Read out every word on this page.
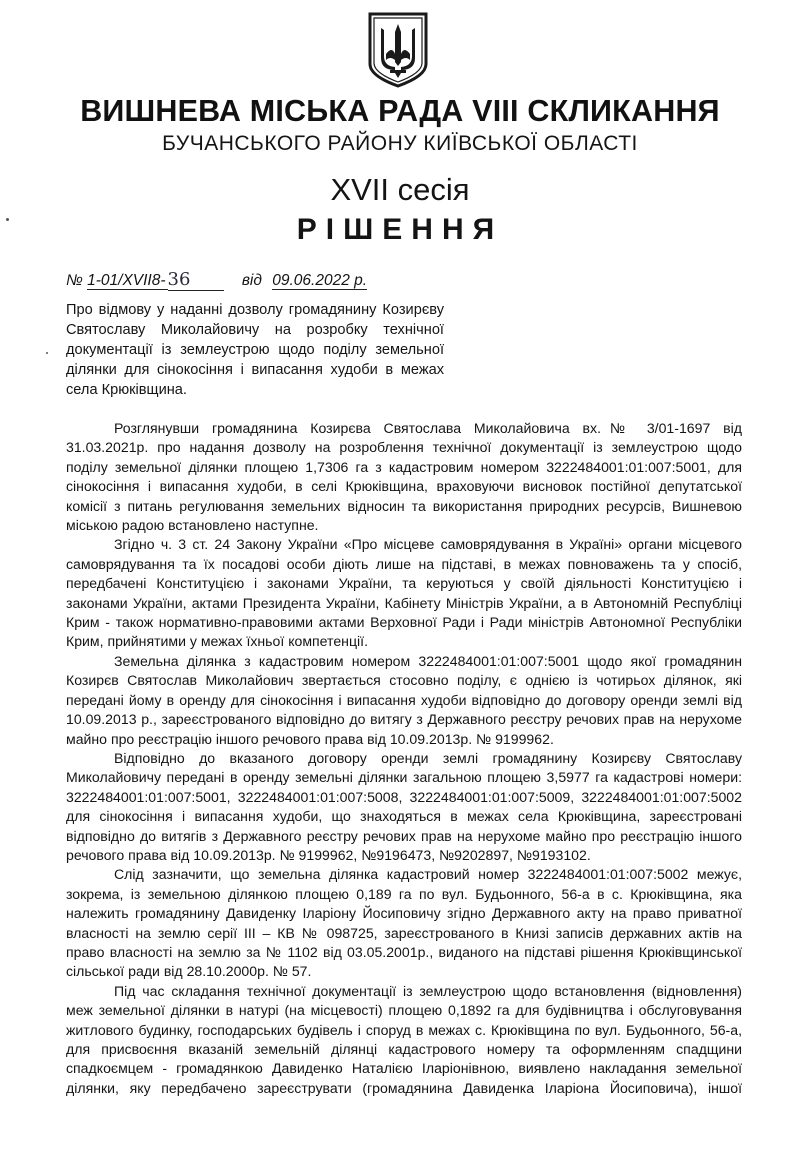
ВИШНЕВА МІСЬКА РАДА VIII СКЛИКАННЯ
БУЧАНСЬКОГО РАЙОНУ КИЇВСЬКОЇ ОБЛАСТІ
XVII сесія
РІШЕННЯ
№ 1-01/XVII8- 36	від 09.06.2022 р.
Про відмову у наданні дозволу громадянину Козирєву
Святославу Миколайовичу на розробку технічної
документації із землеустрою щодо поділу земельної
ділянки для сінокосіння і випасання худоби в межах
села Крюківщина.
Розглянувши громадянина Козирєва Святослава Миколайовича вх.№ 3/01-1697 від
31.03.2021р. про надання дозволу на розроблення технічної документації із землеустрою щодо
поділу земельної ділянки площею 1,7306 га з кадастровим номером 3222484001:01:007:5001, для
сінокосіння і випасання худоби, в селі Крюківщина, враховуючи висновок постійної депутатської
комісії з питань регулювання земельних відносин та використання природних ресурсів, Вишневою
міською радою встановлено наступне.
Згідно ч. 3 ст. 24 Закону України «Про місцеве самоврядування в Україні» органи місцевого
самоврядування та їх посадові особи діють лише на підставі, в межах повноважень та у спосіб,
передбачені Конституцією і законами України, та керуються у своїй діяльності Конституцією і
законами України, актами Президента України, Кабінету Міністрів України, а в Автономній Республіці
Крим - також нормативно-правовими актами Верховної Ради і Ради міністрів Автономної Республіки
Крим, прийнятими у межах їхньої компетенції.
Земельна ділянка з кадастровим номером 3222484001:01:007:5001 щодо якої громадянин
Козирєв Святослав Миколайович звертається стосовно поділу, є однією із чотирьох ділянок, які
передані йому в оренду для сінокосіння і випасання худоби відповідно до договору оренди землі від
10.09.2013 р., зареєстрованого відповідно до витягу з Державного реєстру речових прав на нерухоме
майно про реєстрацію іншого речового права від 10.09.2013р. № 9199962.
Відповідно до вказаного договору оренди землі громадянину Козирєву Святославу
Миколайовичу передані в оренду земельні ділянки загальною площею 3,5977 га кадастрові номери:
3222484001:01:007:5001, 3222484001:01:007:5008, 3222484001:01:007:5009, 3222484001:01:007:5002
для сінокосіння і випасання худоби, що знаходяться в межах села Крюківщина, зареєстровані
відповідно до витягів з Державного реєстру речових прав на нерухоме майно про реєстрацію іншого
речового права від 10.09.2013р. № 9199962, №9196473, №9202897, №9193102.
Слід зазначити, що земельна ділянка кадастровий номер 3222484001:01:007:5002 межує,
зокрема, із земельною ділянкою площею 0,189 га по вул. Будьонного, 56-а в с. Крюківщина, яка
належить громадянину Давиденку Іларіону Йосиповичу згідно Державного акту на право приватної
власності на землю серії ІІІ – КВ № 098725, зареєстрованого в Книзі записів державних актів на
право власності на землю за № 1102 від 03.05.2001р., виданого на підставі рішення Крюківщинської
сільської ради від 28.10.2000р. № 57.
Під час складання технічної документації із землеустрою щодо встановлення (відновлення)
меж земельної ділянки в натурі (на місцевості) площею 0,1892 га для будівництва і обслуговування
житлового будинку, господарських будівель і споруд в межах с. Крюківщина по вул. Будьонного, 56-а,
для присвоєння вказаній земельній ділянці кадастрового номеру та оформленням спадщини
спадкоємцем - громадянкою Давиденко Наталією Іларіонівною, виявлено накладання земельної
ділянки, яку передбачено зареєструвати (громадянина Давиденка Іларіона Йосиповича), іншої
